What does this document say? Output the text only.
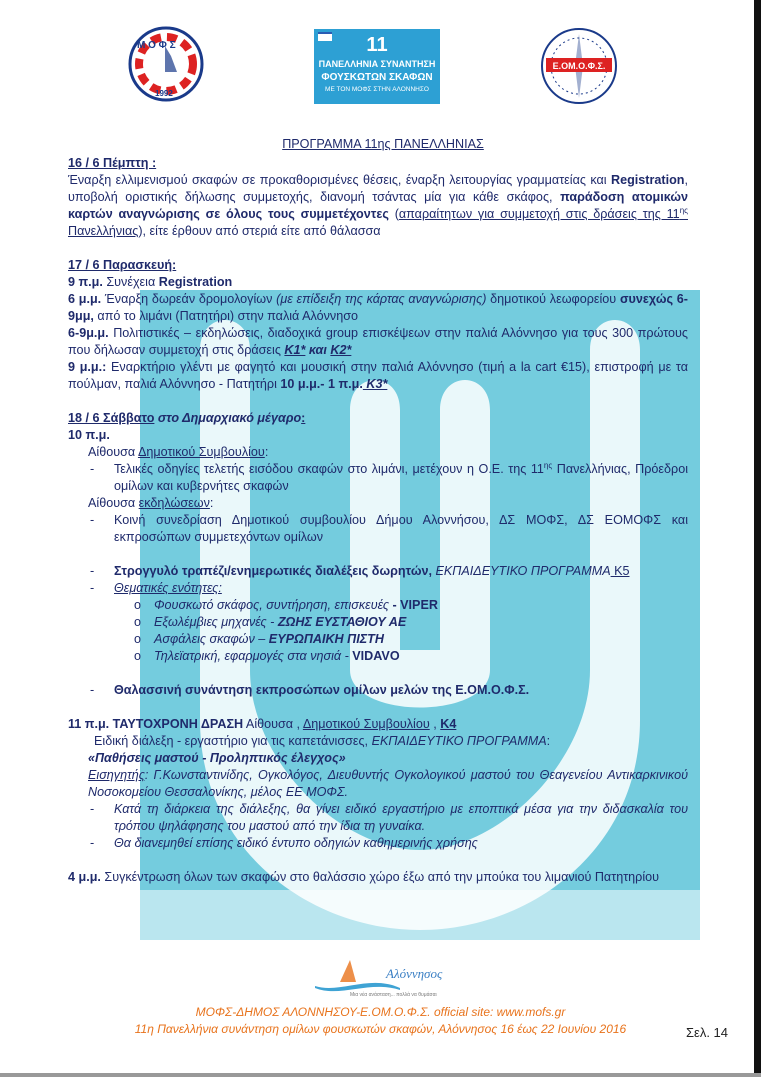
Μ Ο Φ Σ
1992
11
ΠΑΝΕΛΛΗΝΙΑ ΣΥΝΑΝΤΗΣΗ
ΦΟΥΣΚΩΤΩΝ ΣΚΑΦΩΝ
ΜΕ ΤΟΝ ΜΟΦΣ ΣΤΗΝ ΑΛΟΝΝΗΣΟ
Ε.ΟΜ.Ο.Φ.Σ.

ΠΡΟΓΡΑΜΜΑ 11ης ΠΑΝΕΛΛΗΝΙΑΣ

16 / 6 Πέμπτη :

Έναρξη ελλιμενισμού σκαφών σε προκαθορισμένες θέσεις, έναρξη λειτουργίας γραμματείας και Registration, υποβολή οριστικής δήλωσης συμμετοχής, διανομή τσάντας μία για κάθε σκάφος, παράδοση ατομικών καρτών αναγνώρισης σε όλους τους συμμετέχοντες (απαραίτητων για συμμετοχή στις δράσεις της $11^{\eta\varsigma}$ Πανελλήνιας), είτε έρθουν από στεριά είτε από θάλασσα

17 / 6 Παρασκευή:

9 π.μ. Συνέχεια Registration

6 μ.μ. Έναρξη δωρεάν δρομολογίων (με επίδειξη της κάρτας αναγνώρισης) δημοτικού λεωφορείου συνεχώς 6-9μμ, από το λιμάνι (Πατητήρι) στην παλιά Αλόννησο

6-9μ.μ. Πολιτιστικές – εκδηλώσεις, διαδοχικά group επισκέψεων στην παλιά Αλόννησο για τους 300 πρώτους που δήλωσαν συμμετοχή στις δράσεις K1* και K2*

9 μ.μ.: Εναρκτήριο γλέντι με φαγητό και μουσική στην παλιά Αλόννησο (τιμή a la cart €15), επιστροφή με τα πούλμαν, παλιά Αλόννησο - Πατητήρι 10 μ.μ.- 1 π.μ. K3*

18 / 6 Σάββατο στο Δημαρχιακό μέγαρο:

10 π.μ.

Αίθουσα Δημοτικού Συμβουλίου:

- Τελικές οδηγίες τελετής εισόδου σκαφών στο λιμάνι, μετέχουν η Ο.Ε. της $11^{\eta\varsigma}$ Πανελλήνιας, Πρόεδροι ομίλων και κυβερνήτες σκαφών

Αίθουσα εκδηλώσεων:

- Κοινή συνεδρίαση Δημοτικού συμβουλίου Δήμου Αλοννήσου, ΔΣ ΜΟΦΣ, ΔΣ ΕΟΜΟΦΣ και εκπροσώπων συμμετεχόντων ομίλων

- Στρογγυλό τραπέζι/ενημερωτικές διαλέξεις δωρητών, ΕΚΠΑΙΔΕΥΤΙΚΟ ΠΡΟΓΡΑΜΜΑ K5

- Θεματικές ενότητες:

o Φουσκωτό σκάφος, συντήρηση, επισκευές - VIPER

o Εξωλέμβιες μηχανές - ΖΩΗΣ ΕΥΣΤΑΘΙΟΥ ΑΕ

o Ασφάλεις σκαφών – ΕΥΡΩΠΑΙΚΗ ΠΙΣΤΗ

o Τηλεϊατρική, εφαρμογές στα νησιά - VIDAVO

- Θαλασσινή συνάντηση εκπροσώπων ομίλων μελών της Ε.ΟΜ.Ο.Φ.Σ.

11 π.μ. ΤΑΥΤΟΧΡΟΝΗ ΔΡΑΣΗ Αίθουσα , Δημοτικού Συμβουλίου , K4

Ειδική διάλεξη - εργαστήριο για τις καπετάνισσες, ΕΚΠΑΙΔΕΥΤΙΚΟ ΠΡΟΓΡΑΜΜΑ:

«Παθήσεις μαστού - Προληπτικός έλεγχος»

Εισηγητής: Γ.Κωνσταντινίδης, Ογκολόγος, Διευθυντής Ογκολογικού μαστού του Θεαγενείου Αντικαρκινικού Νοσοκομείου Θεσσαλονίκης, μέλος ΕΕ ΜΟΦΣ.

- Κατά τη διάρκεια της διάλεξης, θα γίνει ειδικό εργαστήριο με εποπτικά μέσα για την διδασκαλία του τρόπου ψηλάφησης του μαστού από την ίδια τη γυναίκα.

- Θα διανεμηθεί επίσης ειδικό έντυπο οδηγιών καθημερινής χρήσης

4 μ.μ. Συγκέντρωση όλων των σκαφών στο θαλάσσιο χώρο έξω από την μπούκα του λιμανιού Πατητηρίου

Αλόννησος
Μια νέα ανάσταση... πολλά να θυμάσαι
ΜΟΦΣ-ΔΗΜΟΣ ΑΛΟΝΝΗΣΟΥ-Ε.ΟΜ.Ο.Φ.Σ. official site: www.mofs.gr
11η Πανελλήνια συνάντηση ομίλων φουσκωτών σκαφών, Αλόννησος 16 έως 22 Ιουνίου 2016	Σελ. 14
